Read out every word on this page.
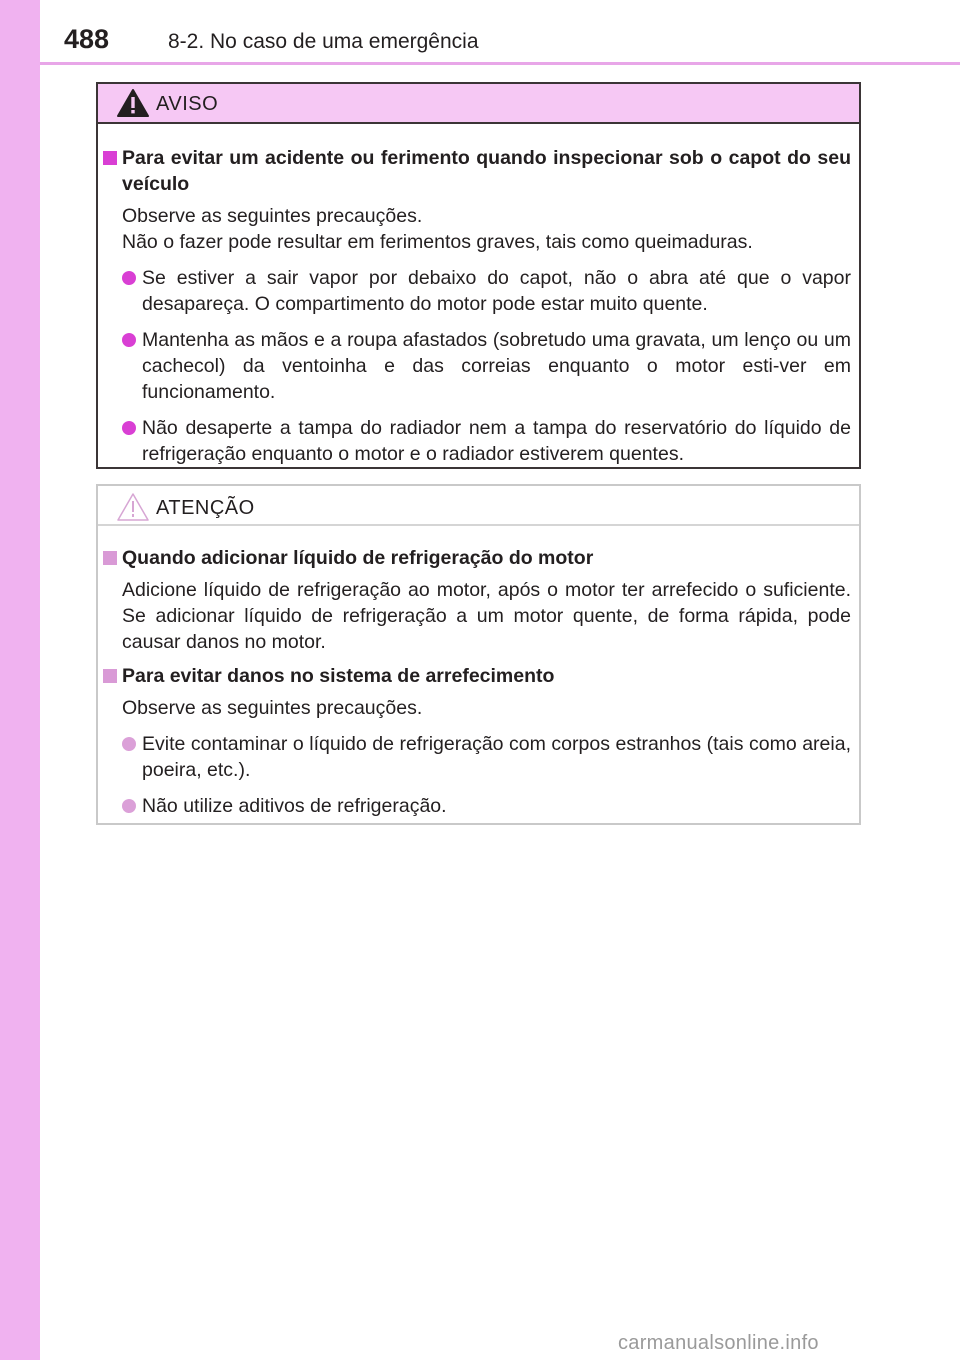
488	8-2. No caso de uma emergência
AVISO
Para evitar um acidente ou ferimento quando inspecionar sob o capot do seu veículo
Observe as seguintes precauções.
Não o fazer pode resultar em ferimentos graves, tais como queimaduras.
Se estiver a sair vapor por debaixo do capot, não o abra até que o vapor desapareça. O compartimento do motor pode estar muito quente.
Mantenha as mãos e a roupa afastados (sobretudo uma gravata, um lenço ou um cachecol) da ventoinha e das correias enquanto o motor esti-ver em funcionamento.
Não desaperte a tampa do radiador nem a tampa do reservatório do líquido de refrigeração enquanto o motor e o radiador estiverem quentes.
ATENÇÃO
Quando adicionar líquido de refrigeração do motor
Adicione líquido de refrigeração ao motor, após o motor ter arrefecido o suficiente. Se adicionar líquido de refrigeração a um motor quente, de forma rápida, pode causar danos no motor.
Para evitar danos no sistema de arrefecimento
Observe as seguintes precauções.
Evite contaminar o líquido de refrigeração com corpos estranhos (tais como areia, poeira, etc.).
Não utilize aditivos de refrigeração.
carmanualsonline.info
